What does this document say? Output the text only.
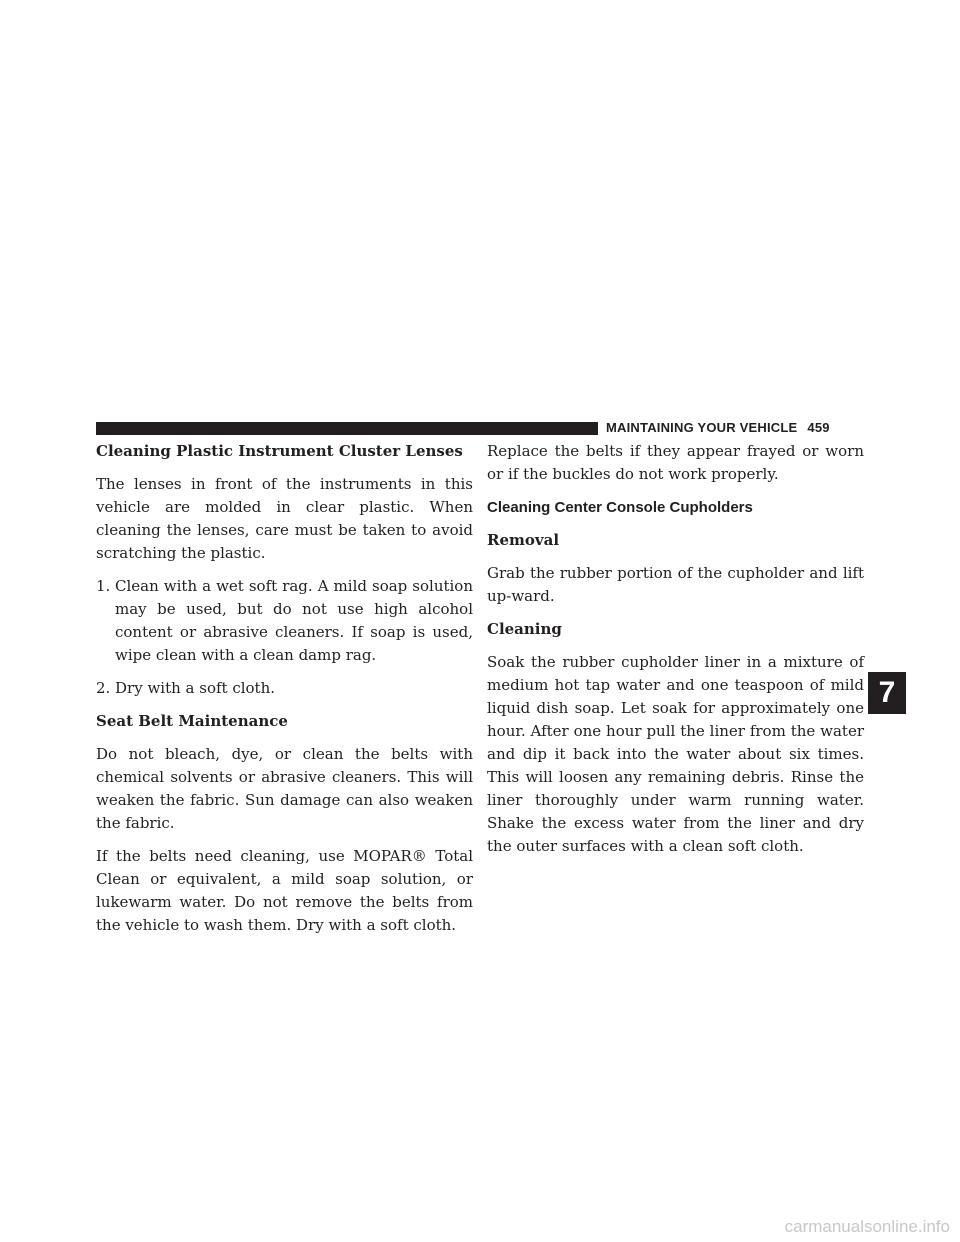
MAINTAINING YOUR VEHICLE 459
Cleaning Plastic Instrument Cluster Lenses

The lenses in front of the instruments in this vehicle are molded in clear plastic. When cleaning the lenses, care must be taken to avoid scratching the plastic.

1. Clean with a wet soft rag. A mild soap solution may be used, but do not use high alcohol content or abrasive cleaners. If soap is used, wipe clean with a clean damp rag.
2. Dry with a soft cloth.
Seat Belt Maintenance

Do not bleach, dye, or clean the belts with chemical solvents or abrasive cleaners. This will weaken the fabric. Sun damage can also weaken the fabric.

If the belts need cleaning, use MOPAR® Total Clean or equivalent, a mild soap solution, or lukewarm water. Do not remove the belts from the vehicle to wash them. Dry with a soft cloth.

Replace the belts if they appear frayed or worn or if the buckles do not work properly.

Cleaning Center Console Cupholders
Removal

Grab the rubber portion of the cupholder and lift up-ward.

Cleaning

Soak the rubber cupholder liner in a mixture of medium hot tap water and one teaspoon of mild liquid dish soap. Let soak for approximately one hour. After one hour pull the liner from the water and dip it back into the water about six times. This will loosen any remaining debris. Rinse the liner thoroughly under warm running water. Shake the excess water from the liner and dry the outer surfaces with a clean soft cloth.

7
carmanualsonline.info
